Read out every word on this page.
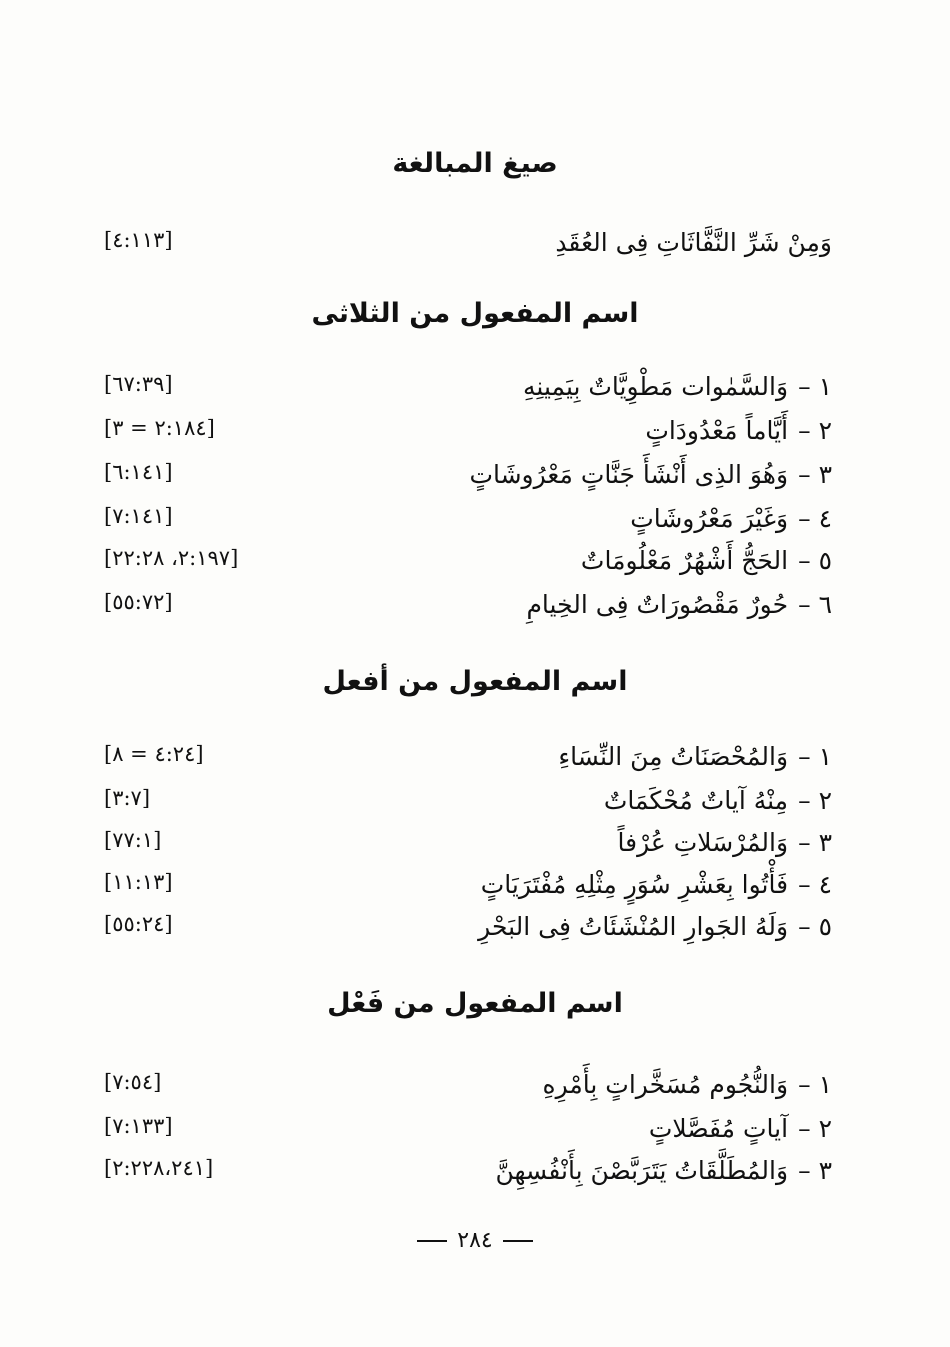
صيغ المبالغة
وَمِنْ شَرِّ النَّفَّاثَاتِ فِى العُقَدِ
[٤:١١٣]
اسم المفعول من الثلاثى
١–وَالسَّمٰوات مَطْوِيَّاتٌ بِيَمِينِهِ
[٦٧:٣٩]
٢–أَيَّاماً مَعْدُودَاتٍ
[٢:١٨٤ = ٣]
٣–وَهُوَ الذِى أَنْشَأَ جَنَّاتٍ مَعْرُوشَاتٍ
[٦:١٤١]
٤–وَغَيْرَ مَعْرُوشَاتٍ
[٧:١٤١]
٥–الحَجُّ أَشْهُرٌ مَعْلُومَاتٌ
[٢:١٩٧، ٢٢:٢٨]
٦–حُورٌ مَقْصُورَاتٌ فِى الخِيامِ
[٥٥:٧٢]
اسم المفعول من أفعل
١–وَالمُحْصَنَاتُ مِنَ النِّسَاءِ
[٤:٢٤ = ٨]
٢–مِنْهُ آياتٌ مُحْكَمَاتٌ
[٣:٧]
٣–وَالمُرْسَلاتِ عُرْفاً
[٧٧:١]
٤–فَأْتُوا بِعَشْرِ سُوَرٍ مِثْلِهِ مُفْتَرَيَاتٍ
[١١:١٣]
٥–وَلَهُ الجَوارِ المُنْشَئَاتُ فِى البَحْرِ
[٥٥:٢٤]
اسم المفعول من فَعْل
١–وَالنُّجُوم مُسَخَّراتٍ بِأَمْرِهِ
[٧:٥٤]
٢–آياتٍ مُفَصَّلاتٍ
[٧:١٣٣]
٣–وَالمُطَلَّقَاتُ يَتَرَبَّصْنَ بِأَنْفُسِهِنَّ
[٢:٢٢٨،٢٤١]
٢٨٤
